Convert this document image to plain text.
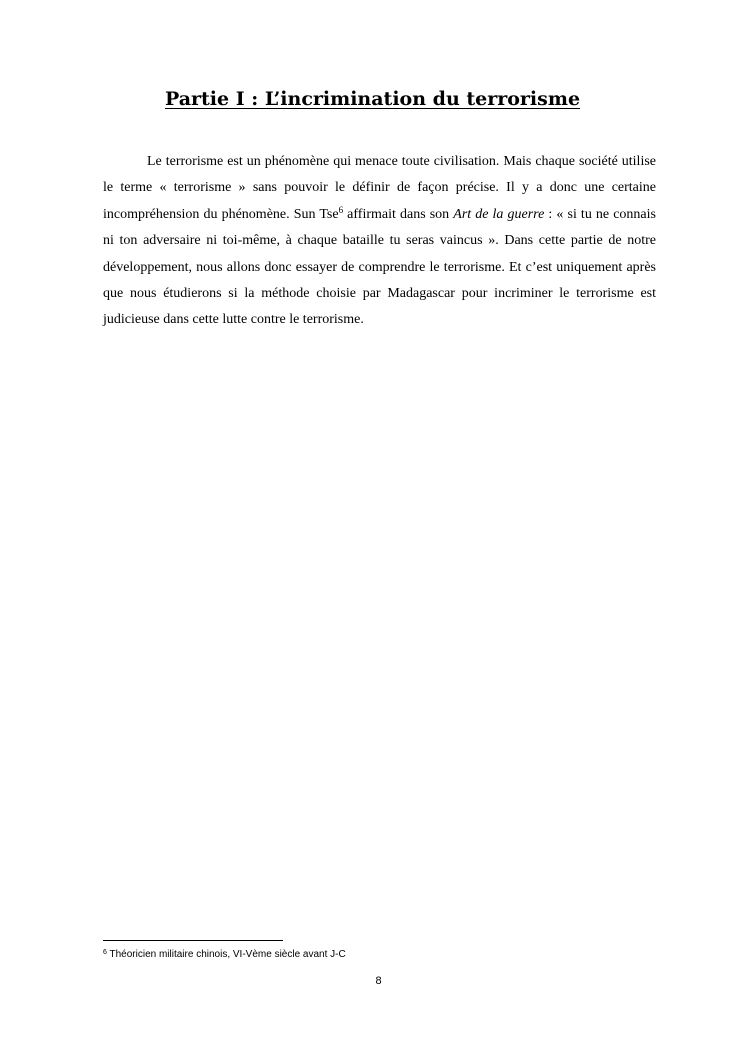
Partie I : L’incrimination du terrorisme

Le terrorisme est un phénomène qui menace toute civilisation. Mais chaque société utilise le terme « terrorisme » sans pouvoir le définir de façon précise. Il y a donc une certaine incompréhension du phénomène. Sun Tse$^6$ affirmait dans son Art de la guerre : « si tu ne connais ni ton adversaire ni toi-même, à chaque bataille tu seras vaincus ». Dans cette partie de notre développement, nous allons donc essayer de comprendre le terrorisme. Et c’est uniquement après que nous étudierons si la méthode choisie par Madagascar pour incriminer le terrorisme est judicieuse dans cette lutte contre le terrorisme.

$^6$ Théoricien militaire chinois, VI-Vème siècle avant J-C
8
